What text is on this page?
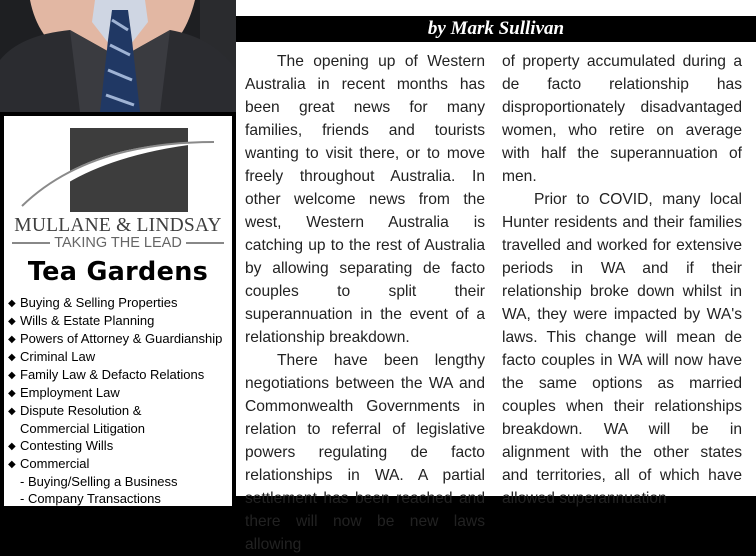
MULLANE & LINDSAY
TAKING THE LEAD
Tea Gardens
◆ Buying & Selling Properties
◆ Wills & Estate Planning
◆ Powers of Attorney & Guardianship
◆ Criminal Law
◆ Family Law & Defacto Relations
◆ Employment Law
◆ Dispute Resolution &
Commercial Litigation
◆ Contesting Wills
◆ Commercial
- Buying/Selling a Business
- Company Transactions
by Mark Sullivan

The opening up of Western Australia in recent months has been great news for many families, friends and tourists wanting to visit there, or to move freely throughout Australia. In other welcome news from the west, Western Australia is catching up to the rest of Australia by allowing separating de facto couples to split their superannuation in the event of a relationship breakdown.

There have been lengthy negotiations between the WA and Commonwealth Governments in relation to referral of legislative powers regulating de facto relationships in WA. A partial settlement has been reached and there will now be new laws allowing

of property accumulated during a de facto relationship has disproportionately disadvantaged women, who retire on average with half the superannuation of men.

Prior to COVID, many local Hunter residents and their families travelled and worked for extensive periods in WA and if their relationship broke down whilst in WA, they were impacted by WA's laws. This change will mean de facto couples in WA will now have the same options as married couples when their relationships breakdown. WA will be in alignment with the other states and territories, all of which have allowed superannuation
